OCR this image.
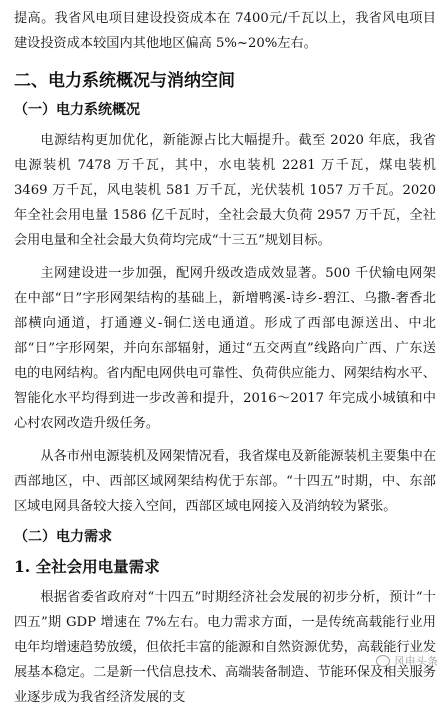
提高。我省风电项目建设投资成本在 7400元/千瓦以上，我省风电项目建设投资成本较国内其他地区偏高 5%~20%左右。

二、电力系统概况与消纳空间
（一）电力系统概况

电源结构更加优化，新能源占比大幅提升。截至 2020 年底，我省电源装机 7478 万千瓦，其中，水电装机 2281 万千瓦，煤电装机 3469 万千瓦，风电装机 581 万千瓦，光伏装机 1057 万千瓦。2020 年全社会用电量 1586 亿千瓦时，全社会最大负荷 2957 万千瓦，全社会用电量和全社会最大负荷均完成“十三五”规划目标。

主网建设进一步加强，配网升级改造成效显著。500 千伏输电网架在中部“日”字形网架结构的基础上，新增鸭溪-诗乡-碧江、乌撒-奢香北部横向通道，打通遵义-铜仁送电通道。形成了西部电源送出、中北部“日”字形网架，并向东部辐射，通过“五交两直”线路向广西、广东送电的电网结构。省内配电网供电可靠性、负荷供应能力、网架结构水平、智能化水平均得到进一步改善和提升，2016～2017 年完成小城镇和中心村农网改造升级任务。

从各市州电源装机及网架情况看，我省煤电及新能源装机主要集中在西部地区，中、西部区域网架结构优于东部。“十四五”时期，中、东部区域电网具备较大接入空间，西部区域电网接入及消纳较为紧张。

（二）电力需求
1. 全社会用电量需求

根据省委省政府对“十四五”时期经济社会发展的初步分析，预计“十四五”期 GDP 增速在 7%左右。电力需求方面，一是传统高载能行业用电年均增速趋势放缓，但依托丰富的能源和自然资源优势，高载能行业发展基本稳定。二是新一代信息技术、高端装备制造、节能环保及相关服务业逐步成为我省经济发展的支

风电头条
